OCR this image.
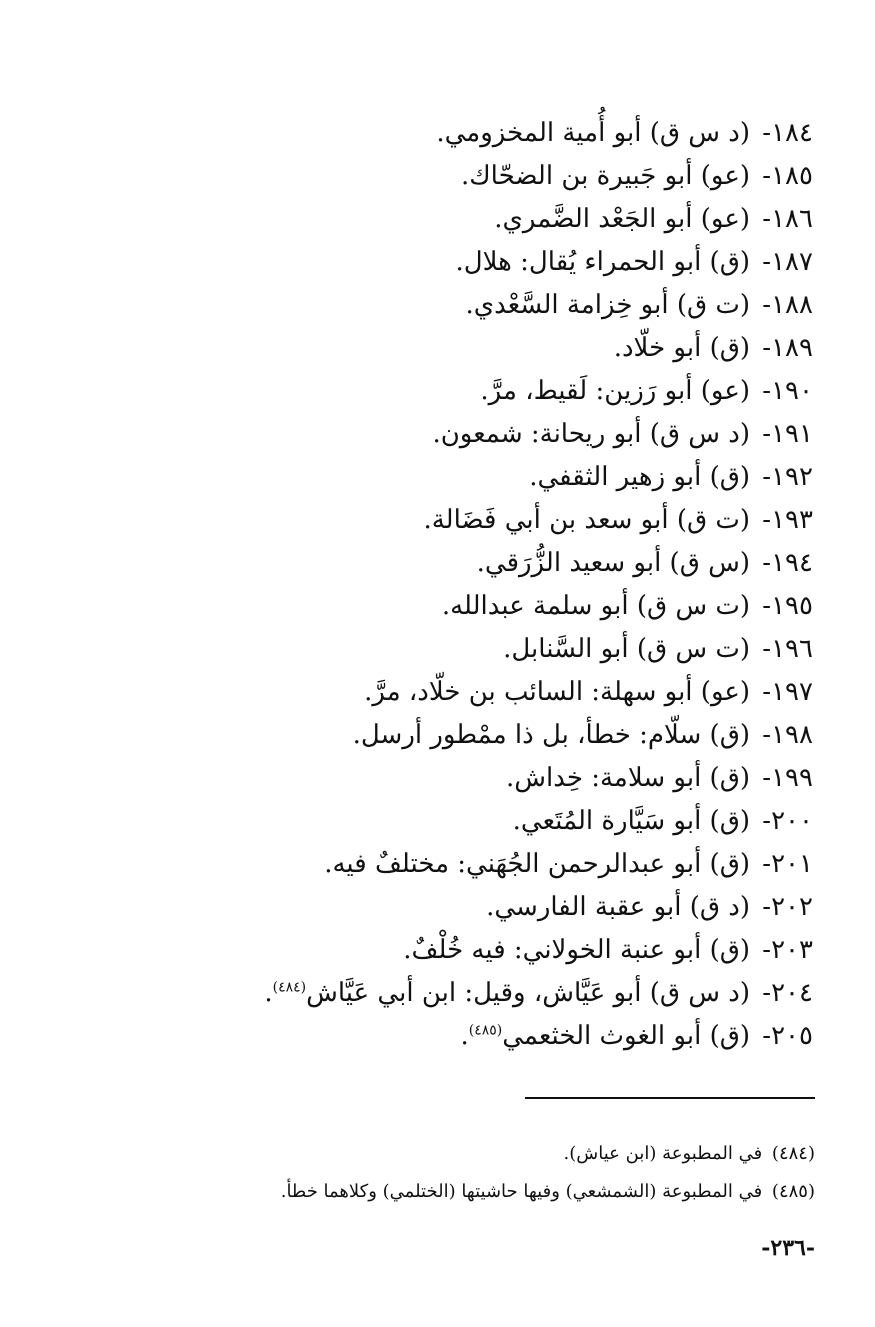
١٨٤- (د س ق) أبو أُمية المخزومي.
١٨٥- (عو) أبو جَبيرة بن الضحّاك.
١٨٦- (عو) أبو الجَعْد الضَّمري.
١٨٧- (ق) أبو الحمراء يُقال: هلال.
١٨٨- (ت ق) أبو خِزامة السَّعْدي.
١٨٩- (ق) أبو خلّاد.
١٩٠- (عو) أبو رَزين: لَقيط، مرَّ.
١٩١- (د س ق) أبو ريحانة: شمعون.
١٩٢- (ق) أبو زهير الثقفي.
١٩٣- (ت ق) أبو سعد بن أبي فَضَالة.
١٩٤- (س ق) أبو سعيد الزُّرَقي.
١٩٥- (ت س ق) أبو سلمة عبدالله.
١٩٦- (ت س ق) أبو السَّنابل.
١٩٧- (عو) أبو سهلة: السائب بن خلّاد، مرَّ.
١٩٨- (ق) سلّام: خطأ، بل ذا ممْطور أرسل.
١٩٩- (ق) أبو سلامة: خِداش.
٢٠٠- (ق) أبو سَيَّارة المُتَعي.
٢٠١- (ق) أبو عبدالرحمن الجُهَني: مختلفٌ فيه.
٢٠٢- (د ق) أبو عقبة الفارسي.
٢٠٣- (ق) أبو عنبة الخولاني: فيه خُلْفٌ.
٢٠٤- (د س ق) أبو عَيَّاش، وقيل: ابن أبي عَيَّاش$^{(٤٨٤)}$.
٢٠٥- (ق) أبو الغوث الخثعمي$^{(٤٨٥)}$.
(٤٨٤) في المطبوعة (ابن عياش).
(٤٨٥) في المطبوعة (الشمشعي) وفيها حاشيتها (الختلمي) وكلاهما خطأ.
-٢٣٦-
